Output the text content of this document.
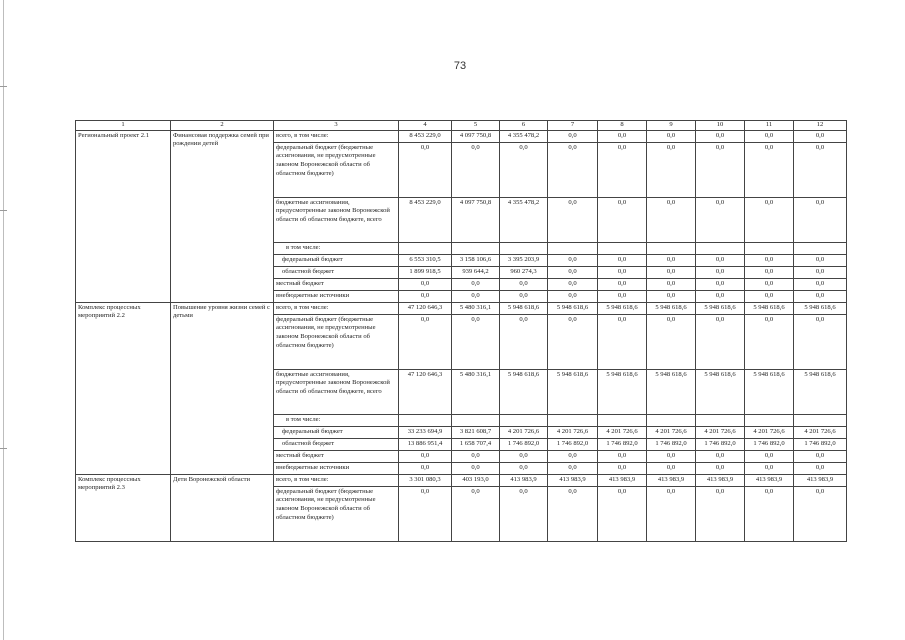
73
1	2	3	4	5	6	7	8	9	10	11	12
Региональный проект 2.1	Финансовая поддержка семей при рождении детей	всего, в том числе:	8 453 229,0	4 097 750,8	4 355 478,2	0,0	0,0	0,0	0,0	0,0	0,0
		федеральный бюджет (бюджетные ассигнования, не предусмотренные законом Воронежской области об областном бюджете)	0,0	0,0	0,0	0,0	0,0	0,0	0,0	0,0	0,0
		бюджетные ассигнования, предусмотренные законом Воронежской области об областном бюджете, всего	8 453 229,0	4 097 750,8	4 355 478,2	0,0	0,0	0,0	0,0	0,0	0,0
		в том числе:									
		федеральный бюджет	6 553 310,5	3 158 106,6	3 395 203,9	0,0	0,0	0,0	0,0	0,0	0,0
		областной бюджет	1 899 918,5	939 644,2	960 274,3	0,0	0,0	0,0	0,0	0,0	0,0
		местный бюджет	0,0	0,0	0,0	0,0	0,0	0,0	0,0	0,0	0,0
		внебюджетные источники	0,0	0,0	0,0	0,0	0,0	0,0	0,0	0,0	0,0
Комплекс процессных мероприятий 2.2	Повышение уровня жизни семей с детьми	всего, в том числе:	47 120 646,3	5 480 316,1	5 948 618,6	5 948 618,6	5 948 618,6	5 948 618,6	5 948 618,6	5 948 618,6	5 948 618,6
		федеральный бюджет (бюджетные ассигнования, не предусмотренные законом Воронежской области об областном бюджете)	0,0	0,0	0,0	0,0	0,0	0,0	0,0	0,0	0,0
		бюджетные ассигнования, предусмотренные законом Воронежской области об областном бюджете, всего	47 120 646,3	5 480 316,1	5 948 618,6	5 948 618,6	5 948 618,6	5 948 618,6	5 948 618,6	5 948 618,6	5 948 618,6
		в том числе:									
		федеральный бюджет	33 233 694,9	3 821 608,7	4 201 726,6	4 201 726,6	4 201 726,6	4 201 726,6	4 201 726,6	4 201 726,6	4 201 726,6
		областной бюджет	13 886 951,4	1 658 707,4	1 746 892,0	1 746 892,0	1 746 892,0	1 746 892,0	1 746 892,0	1 746 892,0	1 746 892,0
		местный бюджет	0,0	0,0	0,0	0,0	0,0	0,0	0,0	0,0	0,0
		внебюджетные источники	0,0	0,0	0,0	0,0	0,0	0,0	0,0	0,0	0,0
Комплекс процессных мероприятий 2.3	Дети Воронежской области	всего, в том числе:	3 301 080,3	403 193,0	413 983,9	413 983,9	413 983,9	413 983,9	413 983,9	413 983,9	413 983,9
		федеральный бюджет (бюджетные ассигнования, не предусмотренные законом Воронежской области об областном бюджете)	0,0	0,0	0,0	0,0	0,0	0,0	0,0	0,0	0,0
